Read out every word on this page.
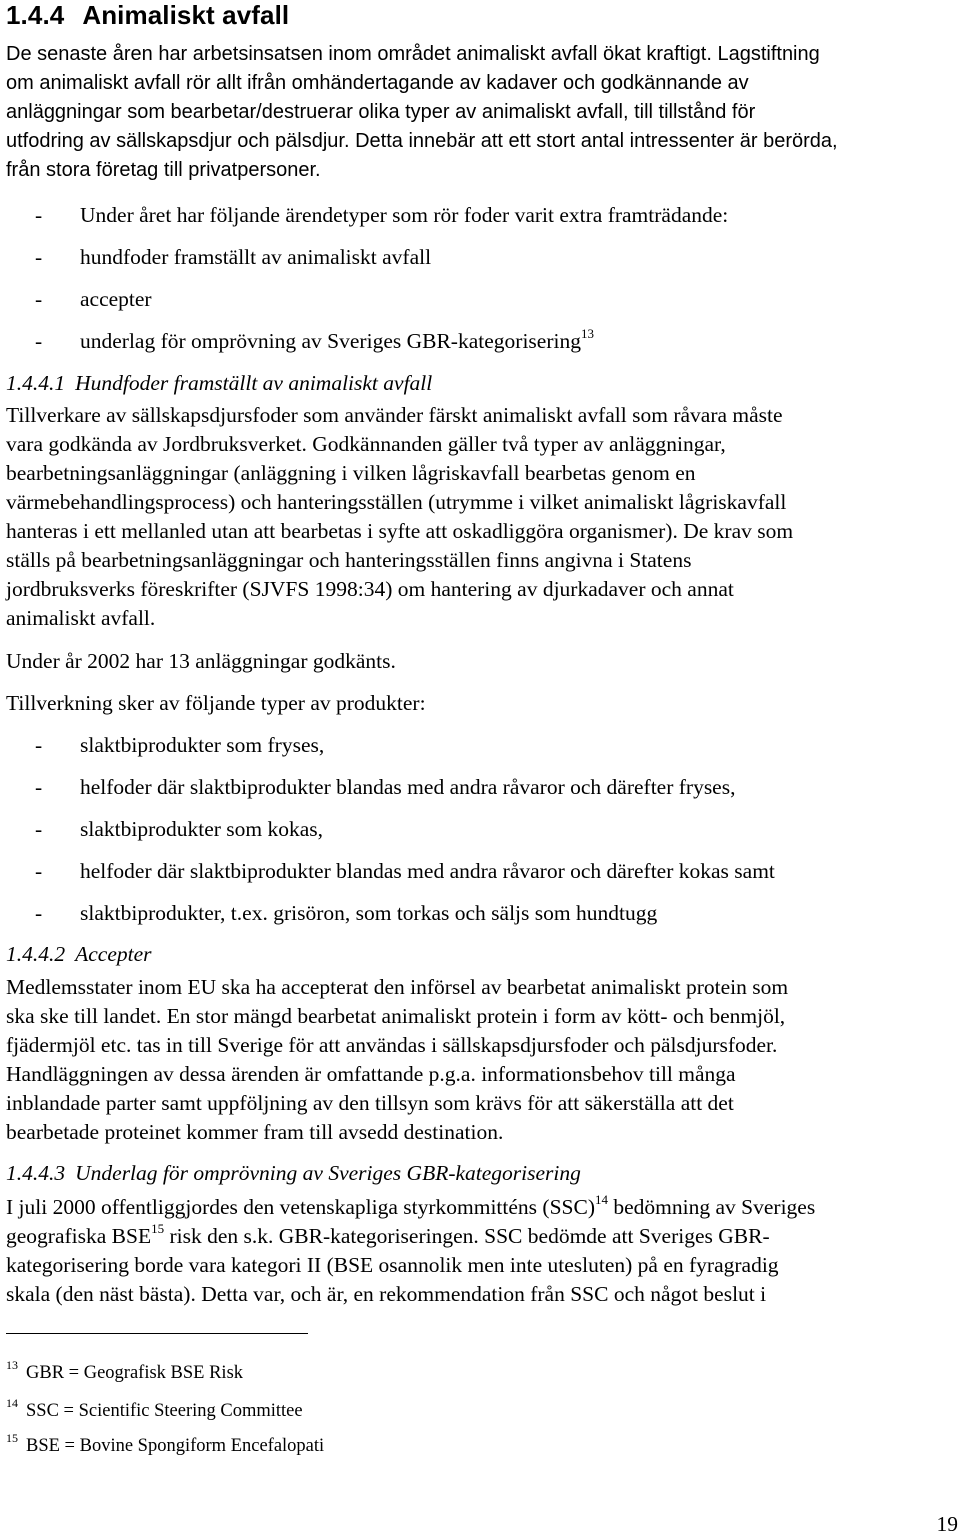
1.4.4 Animaliskt avfall
De senaste åren har arbetsinsatsen inom området animaliskt avfall ökat kraftigt. Lagstiftning
om animaliskt avfall rör allt ifrån omhändertagande av kadaver och godkännande av
anläggningar som bearbetar/destruerar olika typer av animaliskt avfall, till tillstånd för
utfodring av sällskapsdjur och pälsdjur. Detta innebär att ett stort antal intressenter är berörda,
från stora företag till privatpersoner.
- Under året har följande ärendetyper som rör foder varit extra framträdande:
- hundfoder framställt av animaliskt avfall
- accepter
- underlag för omprövning av Sveriges GBR-kategorisering$^{13}$
1.4.4.1 Hundfoder framställt av animaliskt avfall
Tillverkare av sällskapsdjursfoder som använder färskt animaliskt avfall som råvara måste
vara godkända av Jordbruksverket. Godkännanden gäller två typer av anläggningar,
bearbetningsanläggningar (anläggning i vilken lågriskavfall bearbetas genom en
värmebehandlingsprocess) och hanteringsställen (utrymme i vilket animaliskt lågriskavfall
hanteras i ett mellanled utan att bearbetas i syfte att oskadliggöra organismer). De krav som
ställs på bearbetningsanläggningar och hanteringsställen finns angivna i Statens
jordbruksverks föreskrifter (SJVFS 1998:34) om hantering av djurkadaver och annat
animaliskt avfall.
Under år 2002 har 13 anläggningar godkänts.
Tillverkning sker av följande typer av produkter:
- slaktbiprodukter som fryses,
- helfoder där slaktbiprodukter blandas med andra råvaror och därefter fryses,
- slaktbiprodukter som kokas,
- helfoder där slaktbiprodukter blandas med andra råvaror och därefter kokas samt
- slaktbiprodukter, t.ex. grisöron, som torkas och säljs som hundtugg
1.4.4.2 Accepter
Medlemsstater inom EU ska ha accepterat den införsel av bearbetat animaliskt protein som
ska ske till landet. En stor mängd bearbetat animaliskt protein i form av kött- och benmjöl,
fjädermjöl etc. tas in till Sverige för att användas i sällskapsdjursfoder och pälsdjursfoder.
Handläggningen av dessa ärenden är omfattande p.g.a. informationsbehov till många
inblandade parter samt uppföljning av den tillsyn som krävs för att säkerställa att det
bearbetade proteinet kommer fram till avsedd destination.
1.4.4.3 Underlag för omprövning av Sveriges GBR-kategorisering
I juli 2000 offentliggjordes den vetenskapliga styrkommitténs (SSC)$^{14}$ bedömning av Sveriges
geografiska BSE$^{15}$ risk den s.k. GBR-kategoriseringen. SSC bedömde att Sveriges GBR-
kategorisering borde vara kategori II (BSE osannolik men inte utesluten) på en fyragradig
skala (den näst bästa). Detta var, och är, en rekommendation från SSC och något beslut i
$^{13}$ GBR = Geografisk BSE Risk
$^{14}$ SSC = Scientific Steering Committee
$^{15}$ BSE = Bovine Spongiform Encefalopati
19
